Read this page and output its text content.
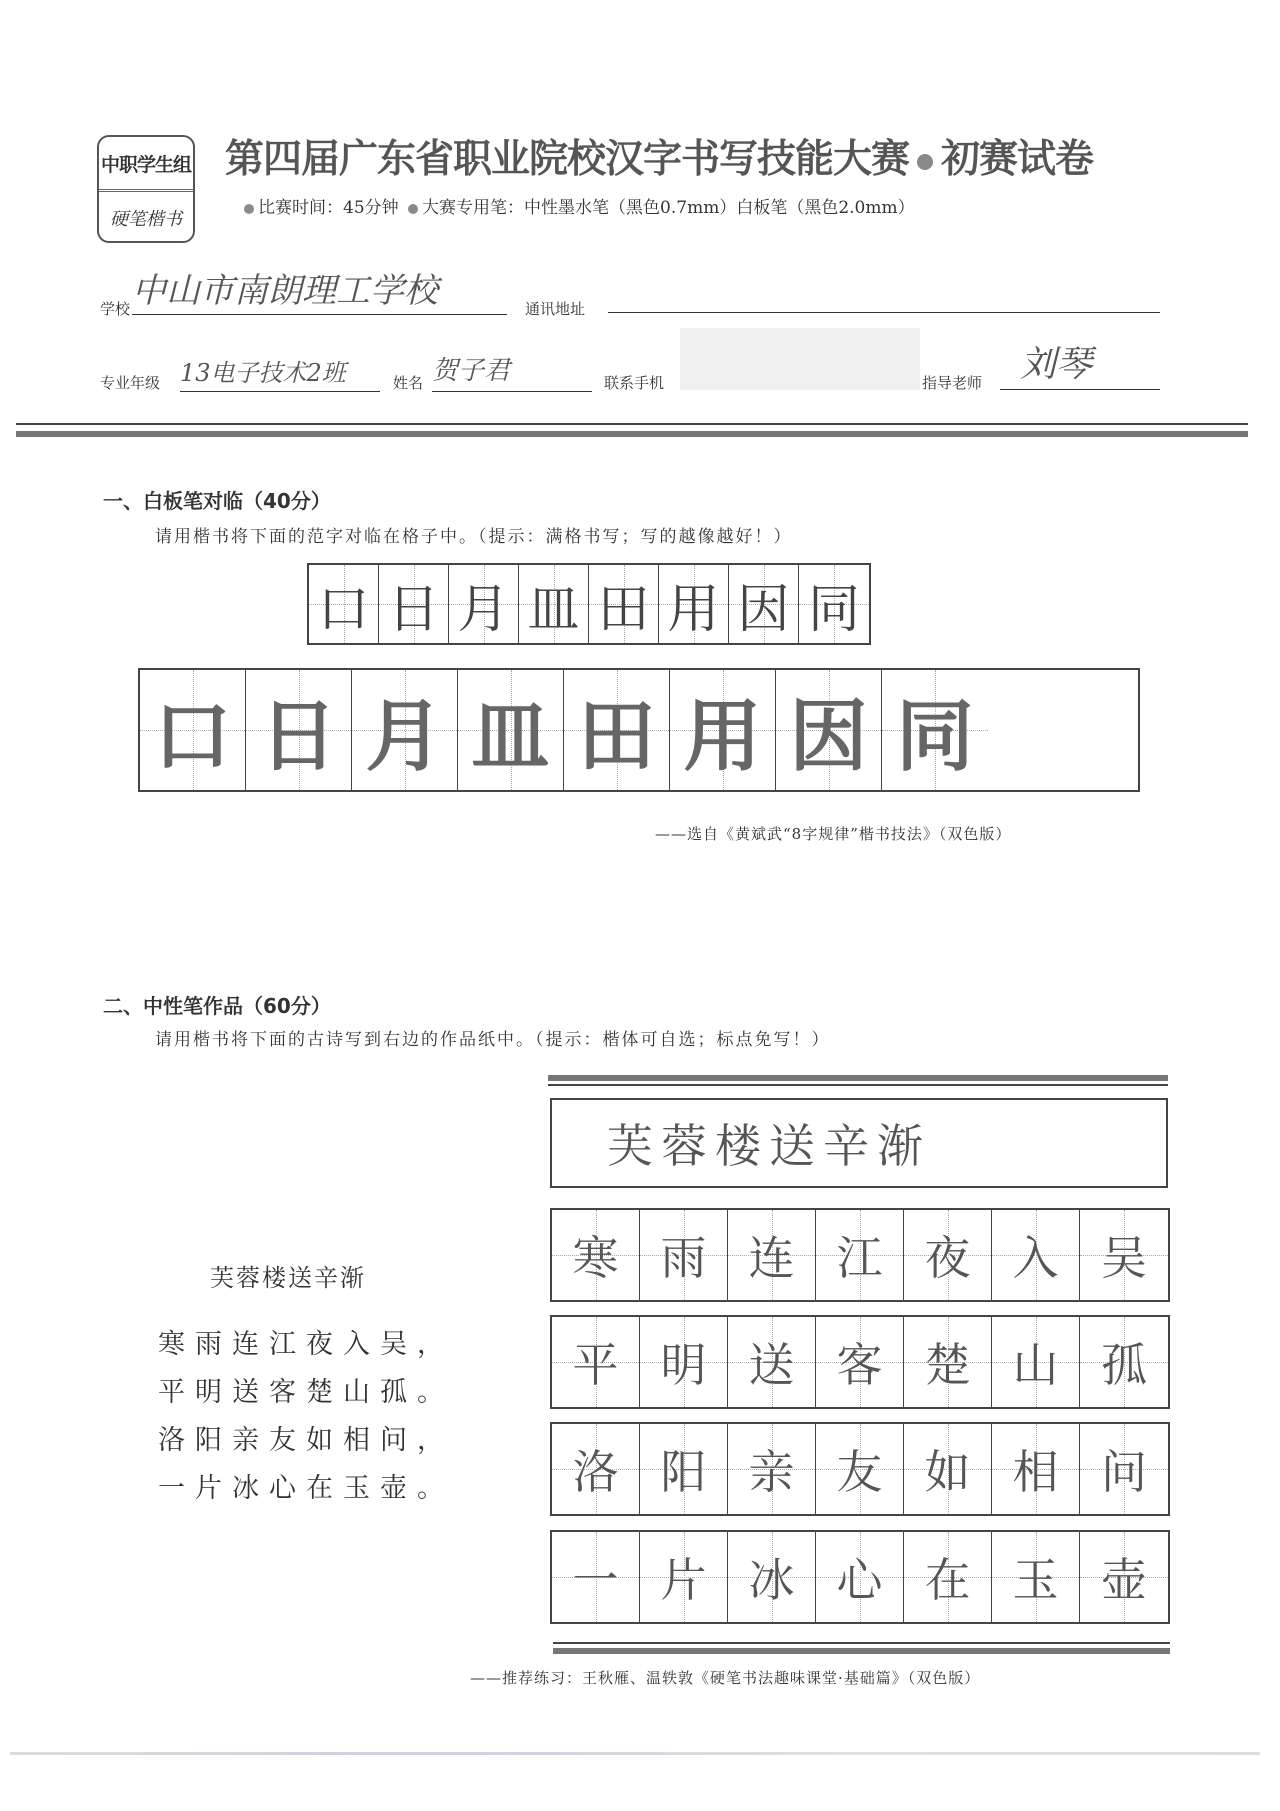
中职学生组
硬笔楷书
第四届广东省职业院校汉字书写技能大赛 初赛试卷
比赛时间：45分钟 大赛专用笔：中性墨水笔（黑色0.7mm）白板笔（黑色2.0mm）
学校 中山市南朗理工学校	通讯地址
专业年级 13电子技术2班	姓名 贺子君	联系手机	指导老师	刘琴
一、白板笔对临（40分）
请用楷书将下面的范字对临在格子中。（提示：满格书写；写的越像越好！）
口 日 月 皿 田 用 因 同
口 日 月 皿 田 用 因 同
——选自《黄斌武“8字规律”楷书技法》（双色版）
二、中性笔作品（60分）
请用楷书将下面的古诗写到右边的作品纸中。（提示：楷体可自选；标点免写！）
芙蓉楼送辛渐
寒雨连江夜入吴，
平明送客楚山孤。
洛阳亲友如相问，
一片冰心在玉壶。
芙蓉楼送辛渐
寒 雨 连 江 夜 入 吴
平 明 送 客 楚 山 孤
洛 阳 亲 友 如 相 问
一 片 冰 心 在 玉 壶
——推荐练习：王秋雁、温轶敦《硬笔书法趣味课堂·基础篇》（双色版）
